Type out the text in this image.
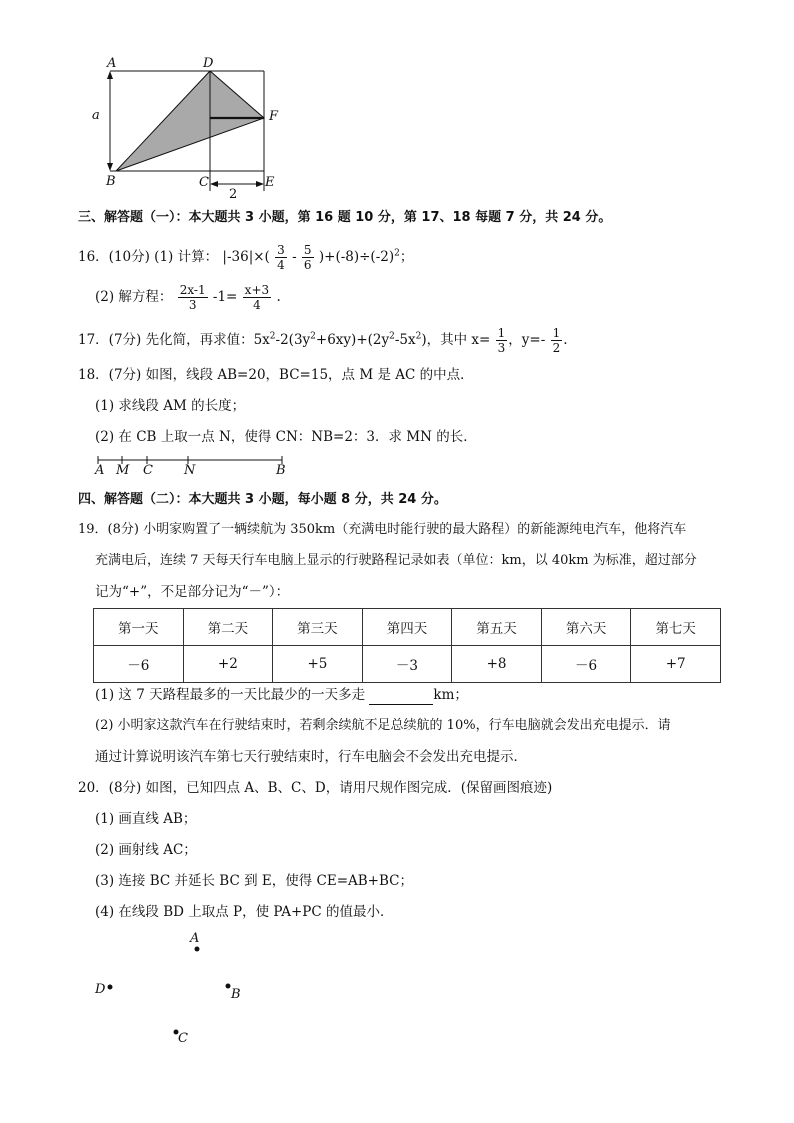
A	D
F
a
B	C	E
2
三、解答题（一）：本大题共 3 小题，第 16 题 10 分，第 17、18 每题 7 分，共 24 分。
16．(10分) (1) 计算： $|-36|\times( \frac{3}{4} - \frac{5}{6} )+(-8)\div(-2)^2$；
(2) 解方程： $\frac{2x-1}{3} -1= \frac{x+3}{4}$ .
17．(7分) 先化简，再求值：$5x^2-2(3y^2+6xy)+(2y^2-5x^2)$，其中 $x= \frac{1}{3}$ ，$y=- \frac{1}{2}$ .
18．(7分) 如图，线段 AB=20，BC=15，点 M 是 AC 的中点．
(1) 求线段 AM 的长度；
(2) 在 CB 上取一点 N，使得 CN：NB=2：3．求 MN 的长．
A M C N	B
四、解答题（二）：本大题共 3 小题，每小题 8 分，共 24 分。
19．(8分) 小明家购置了一辆续航为 350km（充满电时能行驶的最大路程）的新能源纯电汽车，他将汽车
充满电后，连续 7 天每天行车电脑上显示的行驶路程记录如表（单位：km，以 40km 为标准，超过部分
记为“+”，不足部分记为“－”）：
第一天	第二天	第三天	第四天	第五天	第六天	第七天
－6	+2	+5	－3	+8	－6	+7
(1) 这 7 天路程最多的一天比最少的一天多走	km；
(2) 小明家这款汽车在行驶结束时，若剩余续航不足总续航的 10%，行车电脑就会发出充电提示．请
通过计算说明该汽车第七天行驶结束时，行车电脑会不会发出充电提示．
20．(8分) 如图，已知四点 A、B、C、D，请用尺规作图完成．(保留画图痕迹)
(1) 画直线 AB；
(2) 画射线 AC；
(3) 连接 BC 并延长 BC 到 E，使得 CE=AB+BC；
(4) 在线段 BD 上取点 P，使 PA+PC 的值最小．
A
D	B
C
